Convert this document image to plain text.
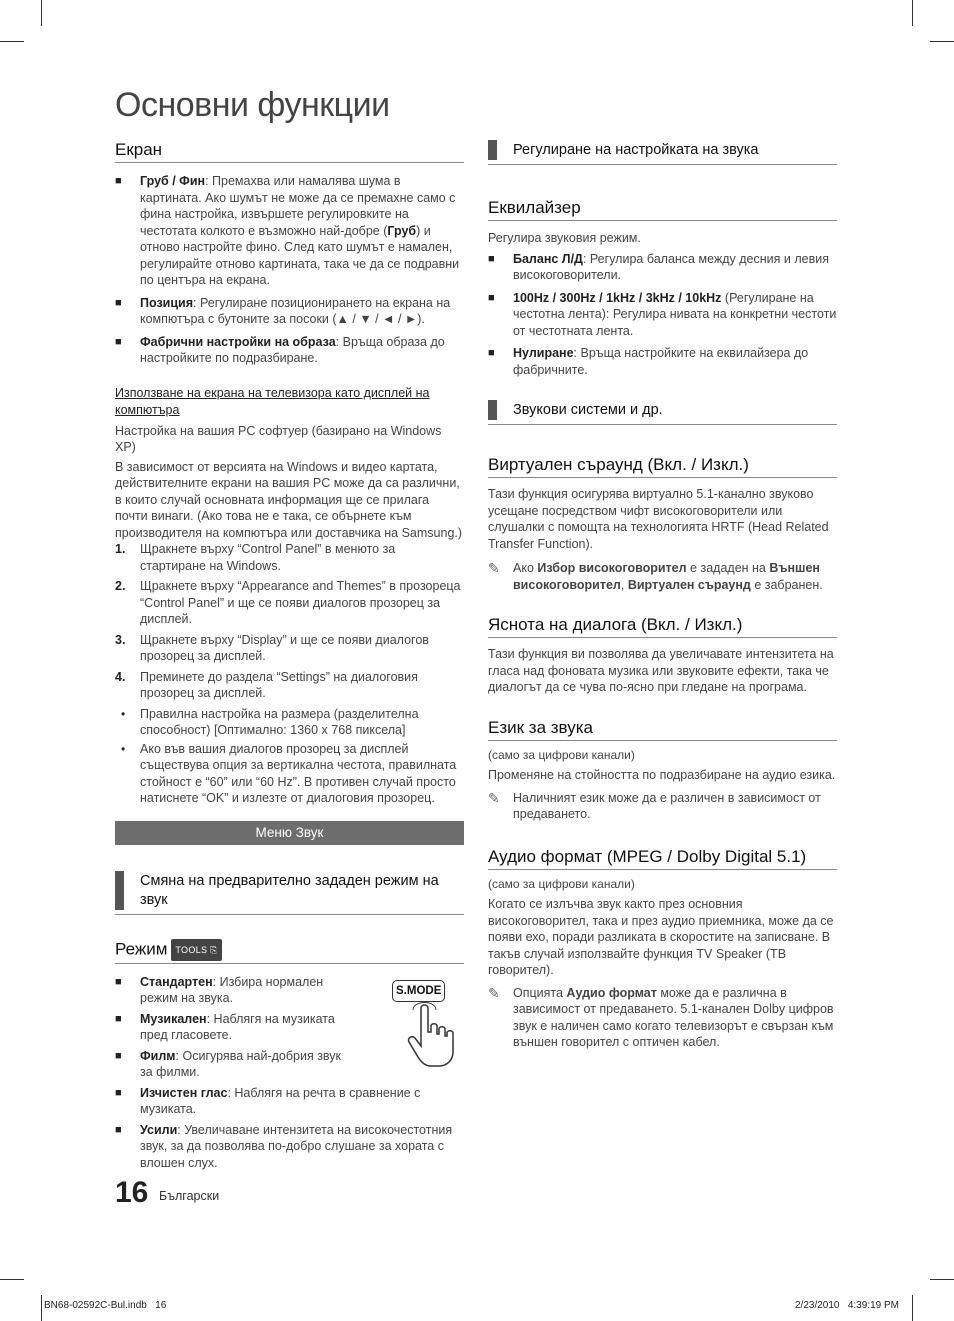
Основни функции
Екран
■	Груб / Фин: Премахва или намалява шума в картината. Ако шумът не може да се премахне само с фина настройка, извършете регулировките на честотата колкото е възможно най-добре (Груб) и отново настройте фино. След като шумът е намален, регулирайте отново картината, така че да се подравни по центъра на екрана.
■	Позиция: Регулиране позиционирането на екрана на компютъра с бутоните за посоки (▲ / ▼ / ◄ / ►).
■	Фабрични настройки на образа: Връща образа до настройките по подразбиране.
Използване на екрана на телевизора като дисплей на компютъра

Настройка на вашия PC софтуер (базирано на Windows XP)

В зависимост от версията на Windows и видео картата, действителните екрани на вашия PC може да са различни, в които случай основната информация ще се прилага почти винаги. (Ако това не е така, се обърнете към производителя на компютъра или доставчика на Samsung.)

1.	Щракнете върху “Control Panel” в менюто за стартиране на Windows.
2.	Щракнете върху “Appearance and Themes” в прозореца “Control Panel” и ще се появи диалогов прозорец за дисплей.
3.	Щракнете върху “Display” и ще се появи диалогов прозорец за дисплей.
4.	Преминете до раздела “Settings” на диалоговия прозорец за дисплей.
•	Правилна настройка на размера (разделителна способност) [Оптимално: 1360 x 768 пиксела]
•	Ако във вашия диалогов прозорец за дисплей съществува опция за вертикална честота, правилната стойност е “60” или “60 Hz”. В противен случай просто натиснете “OK” и излезте от диалоговия прозорец.
Меню Звук
Смяна на предварително зададен режим на звук
Режим TOOLS ⎘
S.MODE
■	Стандартен: Избира нормален режим на звука.
■	Музикален: Наблягя на музиката пред гласовете.
■	Филм: Осигурява най-добрия звук за филми.
■	Изчистен глас: Наблягя на речта в сравнение с музиката.
■	Усили: Увеличаване интензитета на високочестотния звук, за да позволява по-добро слушане за хората с влошен слух.
16 Български
Регулиране на настройката на звука
Еквилайзер

Регулира звуковия режим.

■	Баланс Л/Д: Регулира баланса между десния и левия високоговорители.
■	100Hz / 300Hz / 1kHz / 3kHz / 10kHz (Регулиране на честотна лента): Регулира нивата на конкретни честоти от честотната лента.
■	Нулиране: Връща настройките на еквилайзера до фабричните.
Звукови системи и др.
Виртуален съраунд (Вкл. / Изкл.)

Тази функция осигурява виртуално 5.1-канално звуково усещане посредством чифт високоговорители или слушалки с помощта на технологията HRTF (Head Related Transfer Function).

✎	Ако Избор високоговорител е зададен на Външен високоговорител, Виртуален съраунд е забранен.
Яснота на диалога (Вкл. / Изкл.)

Тази функция ви позволява да увеличавате интензитета на гласа над фоновата музика или звуковите ефекти, така че диалогът да се чува по-ясно при гледане на програма.

Език за звука

(само за цифрови канали)

Променяне на стойността по подразбиране на аудио езика.

✎	Наличният език може да е различен в зависимост от предаването.
Аудио формат (MPEG / Dolby Digital 5.1)

(само за цифрови канали)

Когато се излъчва звук както през основния високоговорител, така и през аудио приемника, може да се появи ехо, поради разликата в скоростите на записване. В такъв случай използвайте функция TV Speaker (ТВ говорител).

✎	Опцията Аудио формат може да е различна в зависимост от предаването. 5.1-канален Dolby цифров звук е наличен само когато телевизорът е свързан към външен говорител с оптичен кабел.
BN68-02592C-Bul.indb   16	2/23/2010   4:39:19 PM
